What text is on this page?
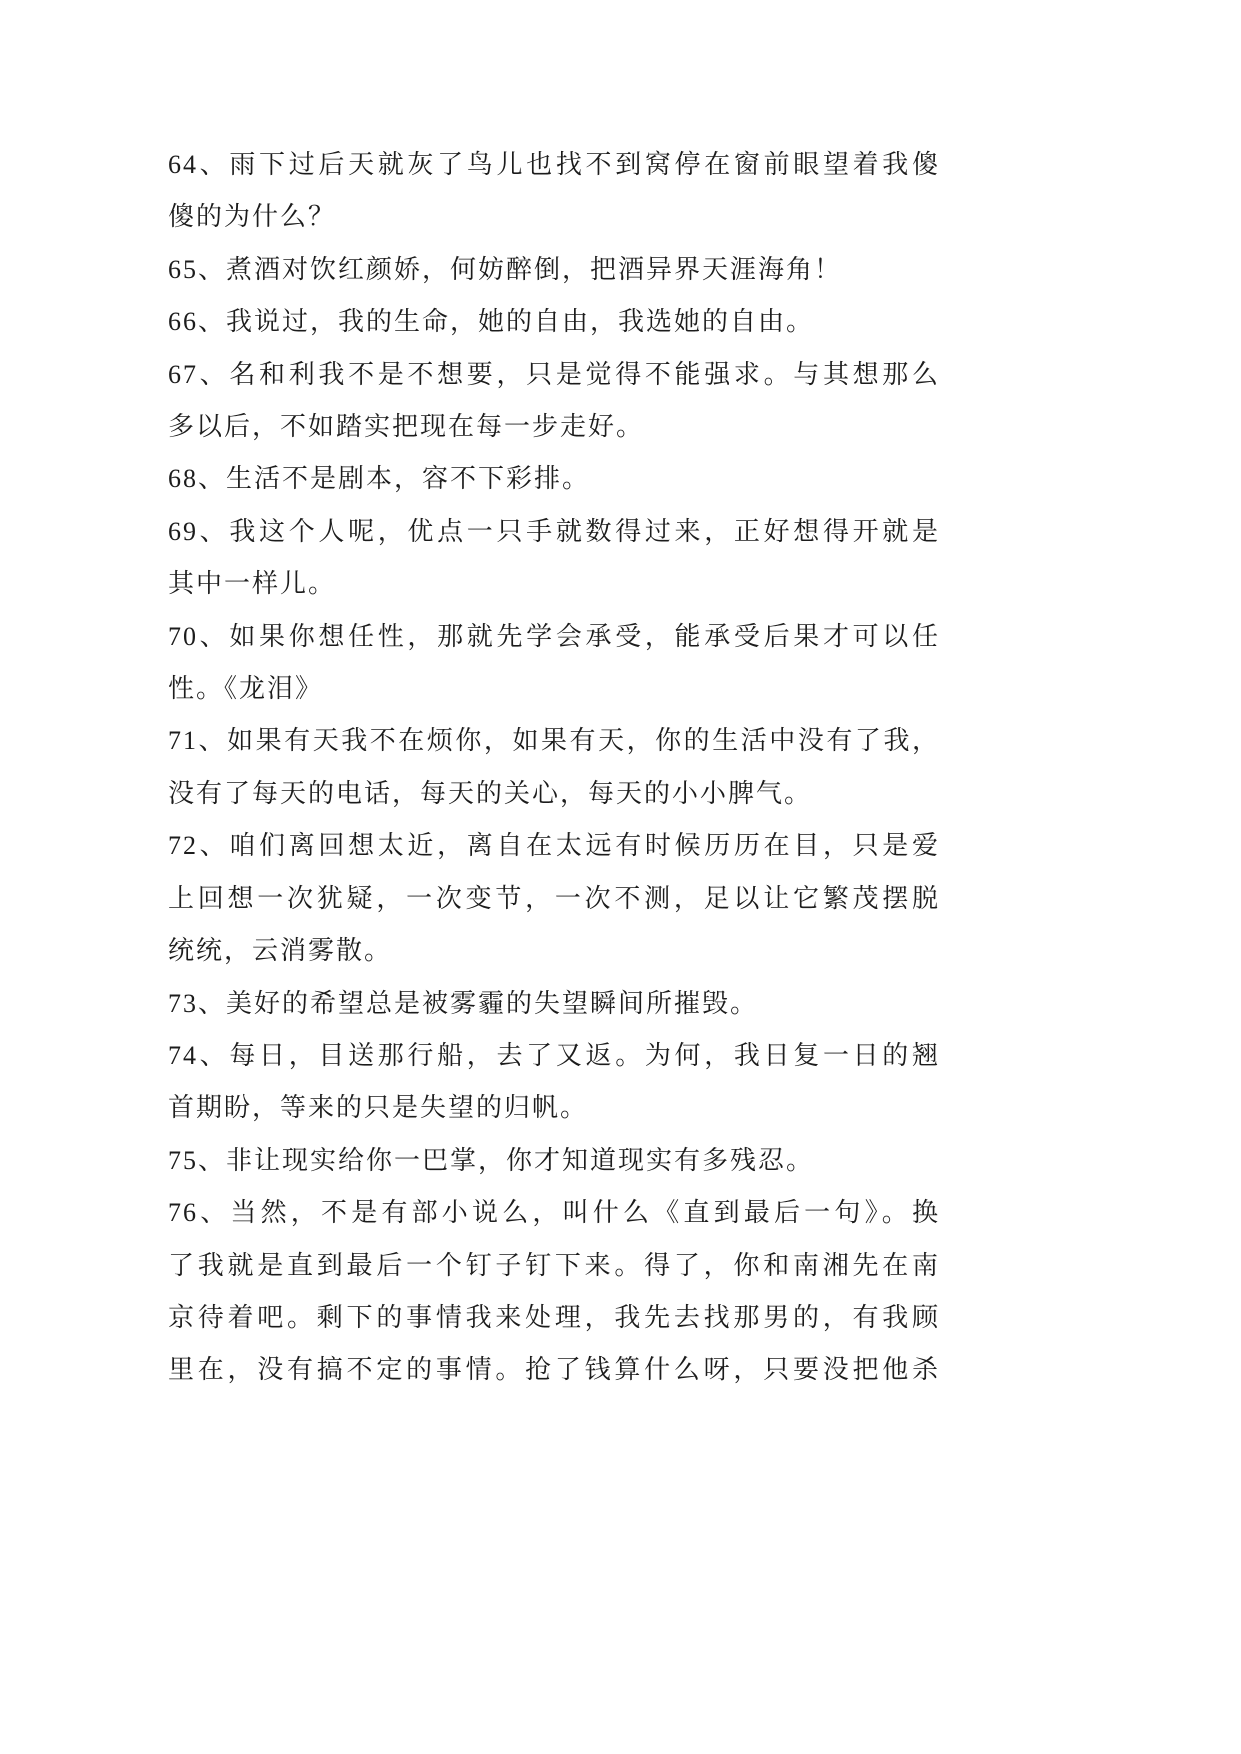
64、雨下过后天就灰了鸟儿也找不到窝停在窗前眼望着我傻
傻的为什么？
65、煮酒对饮红颜娇，何妨醉倒，把酒异界天涯海角！
66、我说过，我的生命，她的自由，我选她的自由。
67、名和利我不是不想要，只是觉得不能强求。与其想那么
多以后，不如踏实把现在每一步走好。
68、生活不是剧本，容不下彩排。
69、我这个人呢，优点一只手就数得过来，正好想得开就是
其中一样儿。
70、如果你想任性，那就先学会承受，能承受后果才可以任
性。《龙泪》
71、如果有天我不在烦你，如果有天，你的生活中没有了我，
没有了每天的电话，每天的关心，每天的小小脾气。
72、咱们离回想太近，离自在太远有时候历历在目，只是爱
上回想一次犹疑，一次变节，一次不测，足以让它繁茂摆脱
统统，云消雾散。
73、美好的希望总是被雾霾的失望瞬间所摧毁。
74、每日，目送那行船，去了又返。为何，我日复一日的翘
首期盼，等来的只是失望的归帆。
75、非让现实给你一巴掌，你才知道现实有多残忍。
76、当然，不是有部小说么，叫什么《直到最后一句》。换
了我就是直到最后一个钉子钉下来。得了，你和南湘先在南
京待着吧。剩下的事情我来处理，我先去找那男的，有我顾
里在，没有搞不定的事情。抢了钱算什么呀，只要没把他杀
